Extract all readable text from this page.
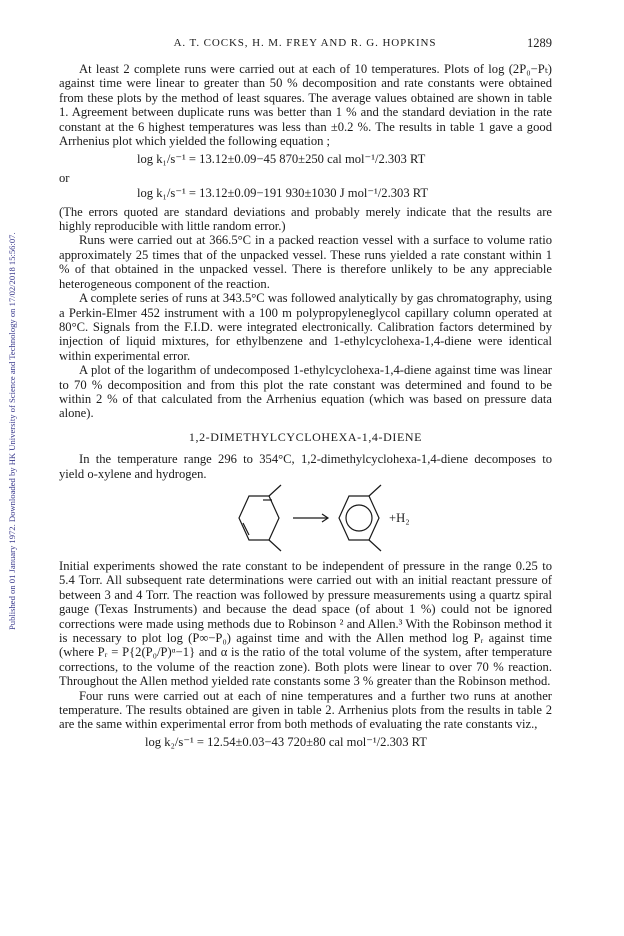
Published on 01 January 1972. Downloaded by HK University of Science and Technology on 17/02/2018 15:56:07.
A. T. COCKS, H. M. FREY AND R. G. HOPKINS	1289

At least 2 complete runs were carried out at each of 10 temperatures. Plots of log (2P₀−Pₜ) against time were linear to greater than 50 % decomposition and rate constants were obtained from these plots by the method of least squares. The average values obtained are shown in table 1. Agreement between duplicate runs was better than 1 % and the standard deviation in the rate constant at the 6 highest temperatures was less than ±0.2 %. The results in table 1 gave a good Arrhenius plot which yielded the following equation ;

log k₁/s⁻¹ = 13.12±0.09−45 870±250 cal mol⁻¹/2.303 RT

or

log k₁/s⁻¹ = 13.12±0.09−191 930±1030 J mol⁻¹/2.303 RT

(The errors quoted are standard deviations and probably merely indicate that the results are highly reproducible with little random error.)

Runs were carried out at 366.5°C in a packed reaction vessel with a surface to volume ratio approximately 25 times that of the unpacked vessel. These runs yielded a rate constant within 1 % of that obtained in the unpacked vessel. There is therefore unlikely to be any appreciable heterogeneous component of the reaction.

A complete series of runs at 343.5°C was followed analytically by gas chromatography, using a Perkin-Elmer 452 instrument with a 100 m polypropyleneglycol capillary column operated at 80°C. Signals from the F.I.D. were integrated electronically. Calibration factors determined by injection of liquid mixtures, for ethylbenzene and 1-ethylcyclohexa-1,4-diene were identical within experimental error.

A plot of the logarithm of undecomposed 1-ethylcyclohexa-1,4-diene against time was linear to 70 % decomposition and from this plot the rate constant was determined and found to be within 2 % of that calculated from the Arrhenius equation (which was based on pressure data alone).

1,2-DIMETHYLCYCLOHEXA-1,4-DIENE

In the temperature range 296 to 354°C, 1,2-dimethylcyclohexa-1,4-diene decomposes to yield o-xylene and hydrogen.

+H₂

Initial experiments showed the rate constant to be independent of pressure in the range 0.25 to 5.4 Torr. All subsequent rate determinations were carried out with an initial reactant pressure of between 3 and 4 Torr. The reaction was followed by pressure measurements using a quartz spiral gauge (Texas Instruments) and because the dead space (of about 1 %) could not be ignored corrections were made using methods due to Robinson ² and Allen.³ With the Robinson method it is necessary to plot log (P∞−P₀) against time and with the Allen method log Pᵣ against time (where Pᵣ = P{2(P₀/P)ᵅ−1} and α is the ratio of the total volume of the system, after temperature corrections, to the volume of the reaction zone). Both plots were linear to over 70 % reaction. Throughout the Allen method yielded rate constants some 3 % greater than the Robinson method.

Four runs were carried out at each of nine temperatures and a further two runs at another temperature. The results obtained are given in table 2. Arrhenius plots from the results in table 2 are the same within experimental error from both methods of evaluating the rate constants viz.,

log k₂/s⁻¹ = 12.54±0.03−43 720±80 cal mol⁻¹/2.303 RT
